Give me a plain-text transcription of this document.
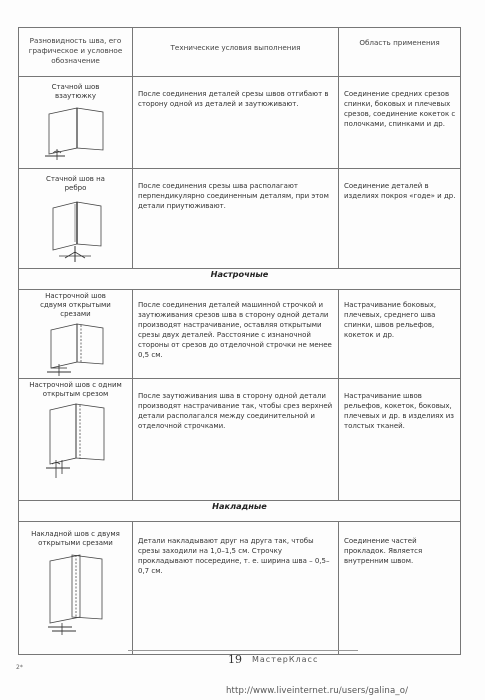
Разновидность шва, его графическое и условное обозначение	Технические условия выполнения	Область применения

Стачной шов взаутюжку	После соединения деталей срезы швов отгибают в сторону одной из деталей и заутюживают.	Соединение средних срезов спинки, боковых и плечевых срезов, соединение кокеток с полочками, спинками и др.

Стачной шов на ребро	После соединения срезы шва располагают перпендикулярно соединенным деталям, при этом детали приутюживают.	Соединение деталей в изделиях покроя «годе» и др.

Настрочные		

Настрочной шов сдвумя открытыми срезами	После соединения деталей машинной строчкой и заутюживания срезов шва в сторону одной детали производят настрачивание, оставляя открытыми срезы двух деталей. Расстояние с изнаночной стороны от срезов до отделочной строчки не менее 0,5 см.	Настрачивание боковых, плечевых, среднего шва спинки, швов рельефов, кокеток и др.

Настрочной шов с одним открытым срезом	После заутюживания шва в сторону одной детали производят настрачивание так, чтобы срез верхней детали располагался между соединительной и отделочной строчками.	Настрачивание швов рельефов, кокеток, боковых, плечевых и др. в изделиях из толстых тканей.

Накладные		

Накладной шов с двумя открытыми срезами	Детали накладывают друг на друга так, чтобы срезы заходили на 1,0–1,5 см. Строчку прокладывают посередине, т. е. ширина шва – 0,5– 0,7 см.	Соединение частей прокладок. Является внутренним швом.
19 МастерКласс
2*
http://www.liveinternet.ru/users/galina_o/
